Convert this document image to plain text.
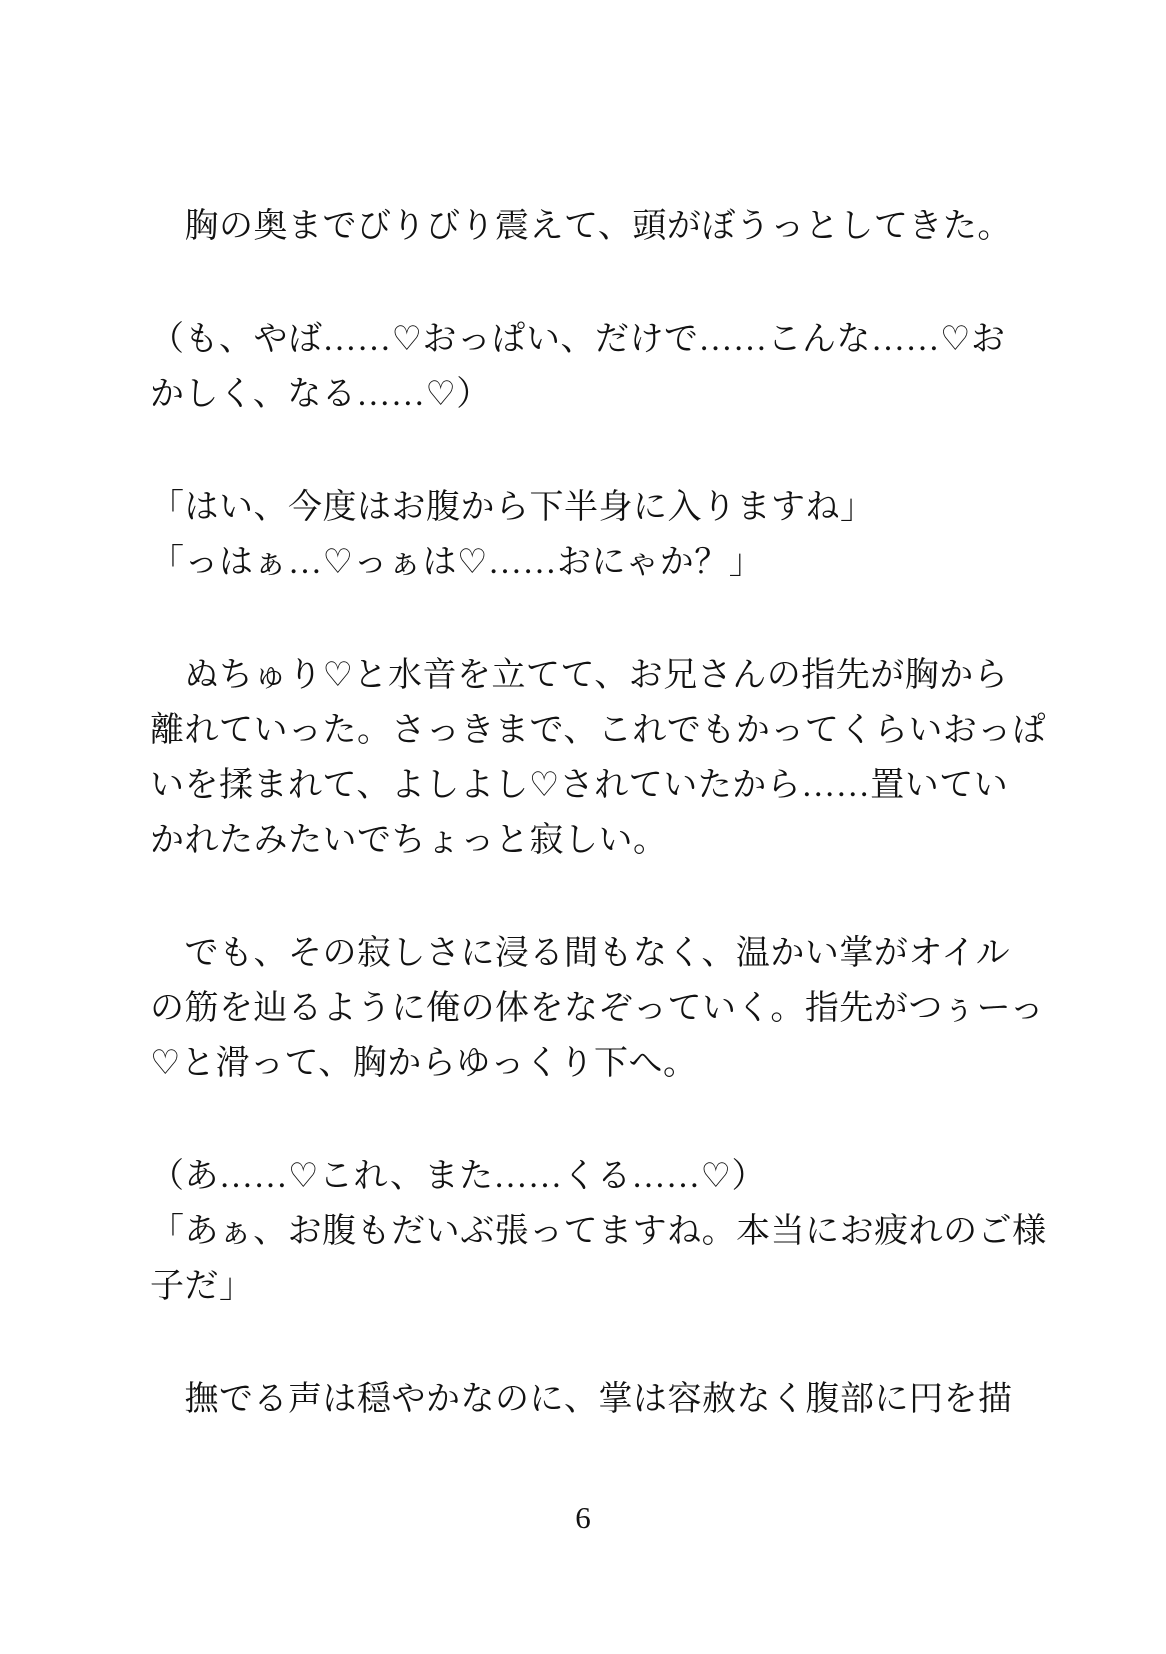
　胸の奥までびりびり震えて、頭がぼうっとしてきた。
（も、やば……♡おっぱい、だけで……こんな……♡お
かしく、なる……♡）
「はい、今度はお腹から下半身に入りますね」
「っはぁ…♡っぁは♡……おにゃか？」
　ぬちゅり♡と水音を立てて、お兄さんの指先が胸から
離れていった。さっきまで、これでもかってくらいおっぱ
いを揉まれて、よしよし♡されていたから……置いてい
かれたみたいでちょっと寂しい。
　でも、その寂しさに浸る間もなく、温かい掌がオイル
の筋を辿るように俺の体をなぞっていく。指先がつぅーっ
♡と滑って、胸からゆっくり下へ。
（あ……♡これ、また……くる……♡）
「あぁ、お腹もだいぶ張ってますね。本当にお疲れのご様
子だ」
　撫でる声は穏やかなのに、掌は容赦なく腹部に円を描
6
